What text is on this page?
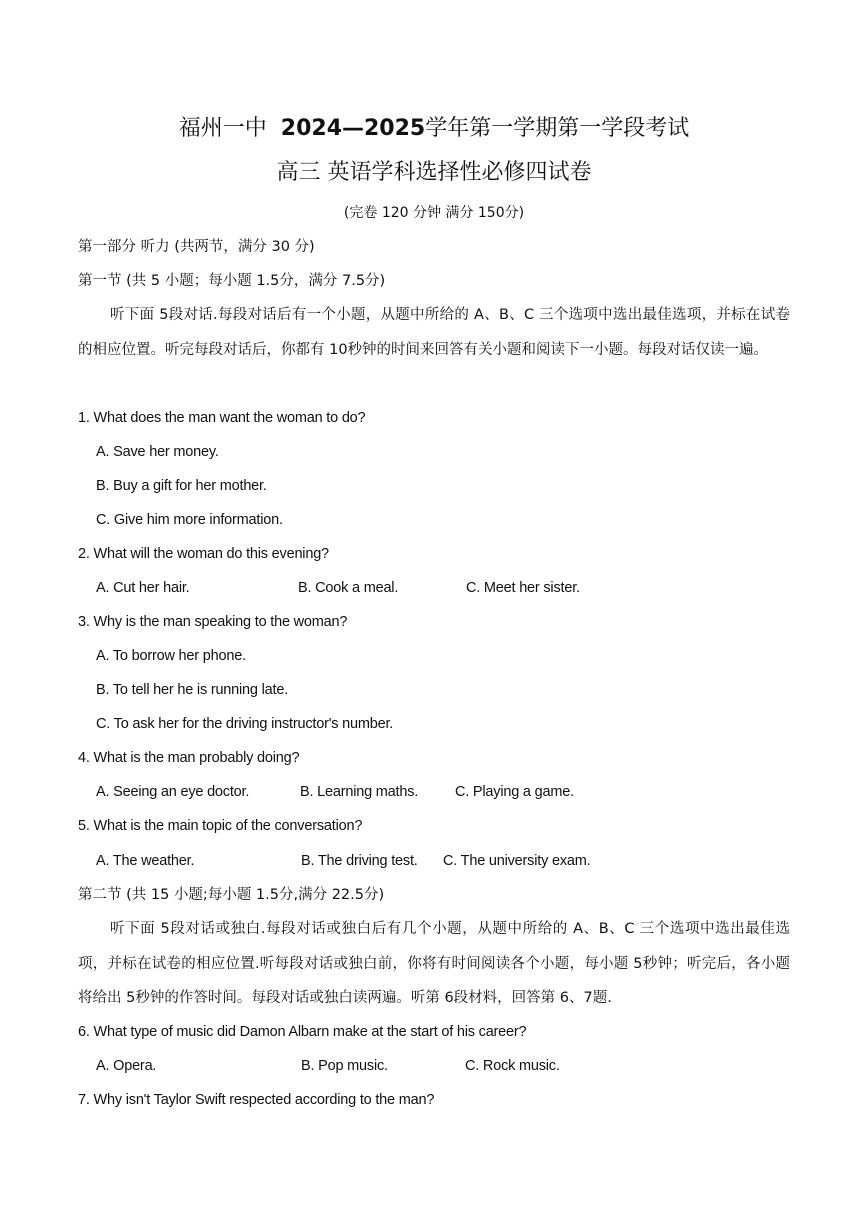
福州一中 2024—2025学年第一学期第一学段考试
高三 英语学科选择性必修四试卷
(完卷 120 分钟 满分 150分)
第一部分 听力 (共两节，满分 30 分)
第一节 (共 5 小题；每小题 1.5分，满分 7.5分)
听下面 5段对话.每段对话后有一个小题，从题中所给的 A、B、C 三个选项中选出最佳选项，并标在试卷的相应位置。听完每段对话后，你都有 10秒钟的时间来回答有关小题和阅读下一小题。每段对话仅读一遍。
1. What does the man want the woman to do?
A. Save her money.
B. Buy a gift for her mother.
C. Give him more information.
2. What will the woman do this evening?
A. Cut her hair.	B. Cook a meal.	C. Meet her sister.
3. Why is the man speaking to the woman?
A. To borrow her phone.
B. To tell her he is running late.
C. To ask her for the driving instructor's number.
4. What is the man probably doing?
A. Seeing an eye doctor.	B. Learning maths.	C. Playing a game.
5. What is the main topic of the conversation?
A. The weather.	B. The driving test. C. The university exam.
第二节 (共 15 小题;每小题 1.5分,满分 22.5分)
听下面 5段对话或独白.每段对话或独白后有几个小题，从题中所给的 A、B、C 三个选项中选出最佳选项，并标在试卷的相应位置.听每段对话或独白前，你将有时间阅读各个小题，每小题 5秒钟；听完后，各小题将给出 5秒钟的作答时间。每段对话或独白读两遍。听第 6段材料，回答第 6、7题.
6. What type of music did Damon Albarn make at the start of his career?
A. Opera.	B. Pop music.	C. Rock music.
7. Why isn't Taylor Swift respected according to the man?
